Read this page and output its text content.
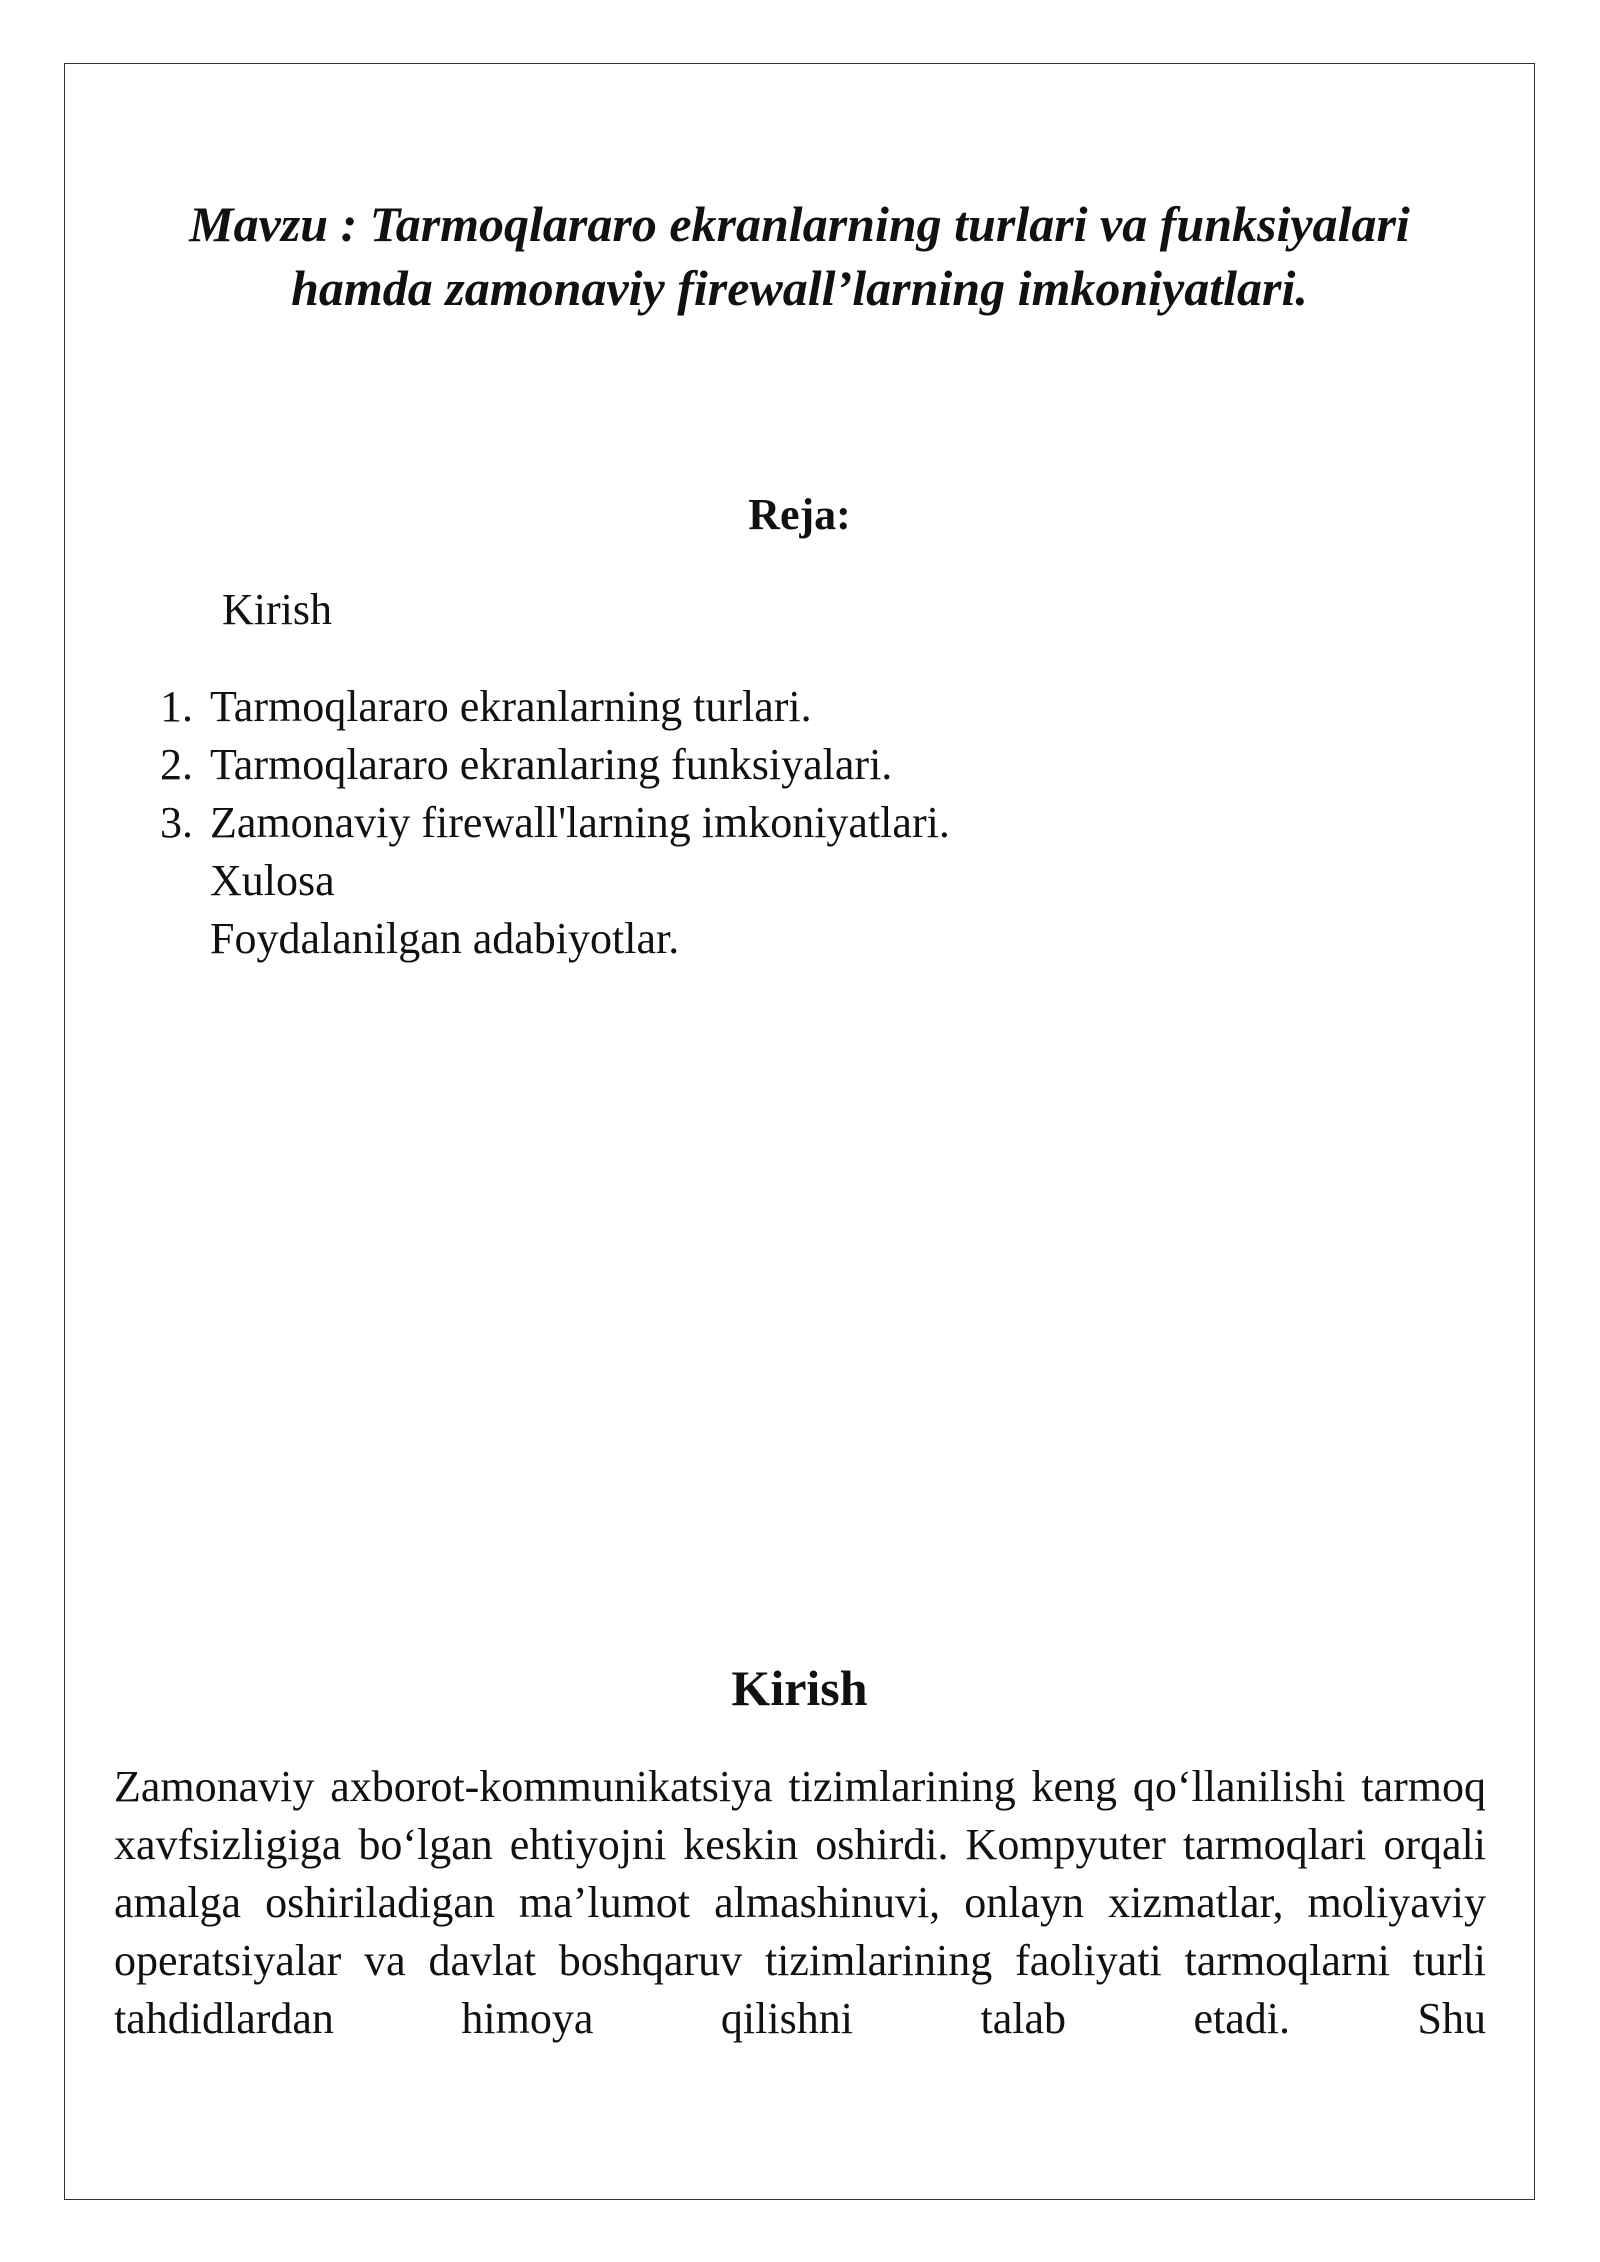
Mavzu : Tarmoqlararo ekranlarning turlari va funksiyalari
hamda zamonaviy firewall’larning imkoniyatlari.
Reja:

Kirish

1. Tarmoqlararo ekranlarning turlari.
2. Tarmoqlararo ekranlaring funksiyalari.
3. Zamonaviy firewall'larning imkoniyatlari.
Xulosa
Foydalanilgan adabiyotlar.
Kirish

Zamonaviy axborot-kommunikatsiya tizimlarining keng qo‘llanilishi tarmoq xavfsizligiga bo‘lgan ehtiyojni keskin oshirdi. Kompyuter tarmoqlari orqali amalga oshiriladigan ma’lumot almashinuvi, onlayn xizmatlar, moliyaviy operatsiyalar va davlat boshqaruv tizimlarining faoliyati tarmoqlarni turli tahdidlardan himoya qilishni talab etadi. Shu
